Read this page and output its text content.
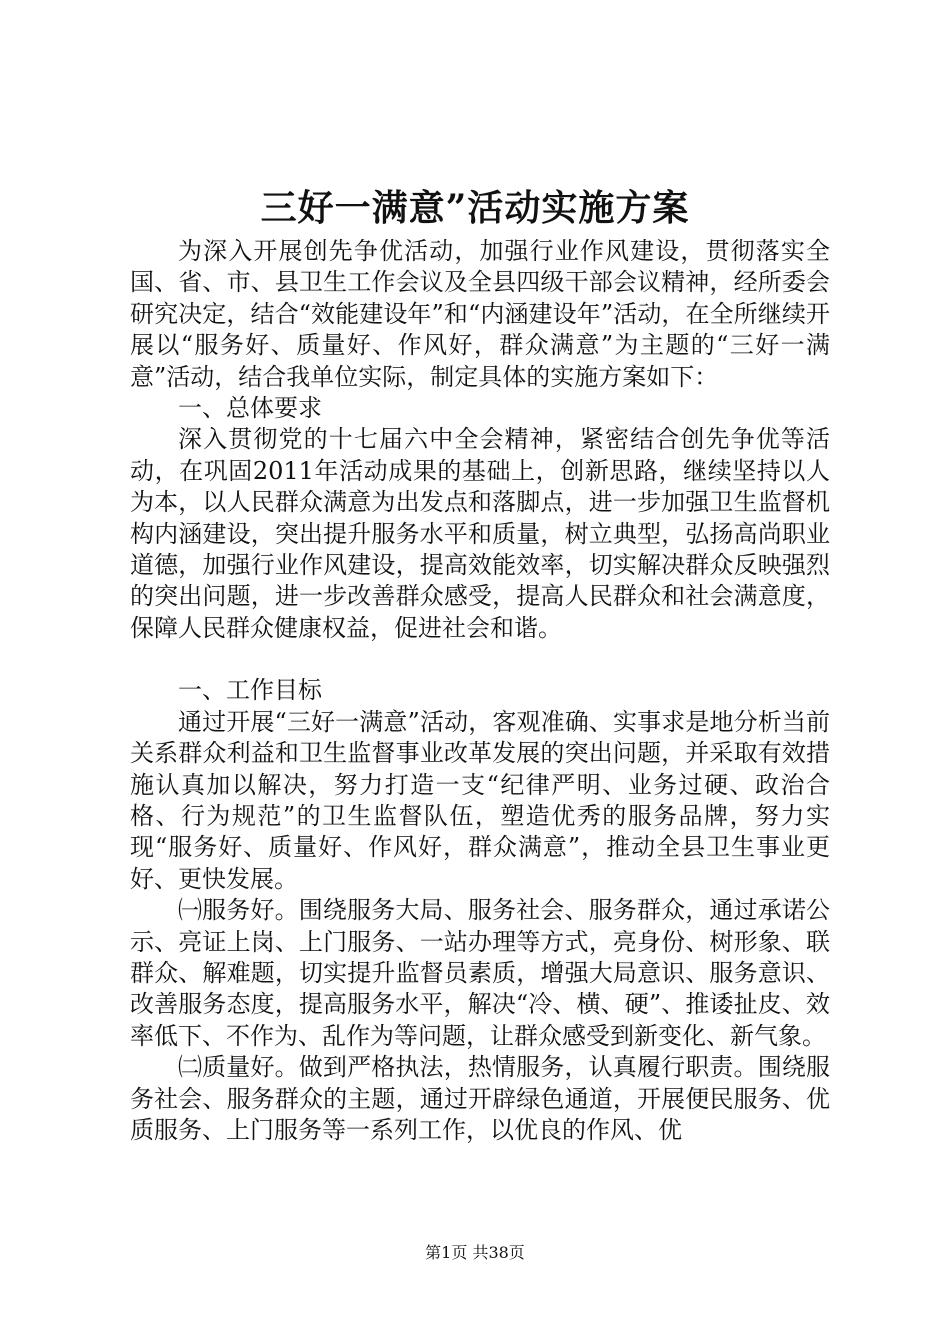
三好一满意”活动实施方案

为深入开展创先争优活动，加强行业作风建设，贯彻落实全国、省、市、县卫生工作会议及全县四级干部会议精神，经所委会研究决定，结合“效能建设年”和“内涵建设年”活动，在全所继续开展以“服务好、质量好、作风好，群众满意”为主题的“三好一满意”活动，结合我单位实际，制定具体的实施方案如下：

一、总体要求

深入贯彻党的十七届六中全会精神，紧密结合创先争优等活动，在巩固2011年活动成果的基础上，创新思路，继续坚持以人为本，以人民群众满意为出发点和落脚点，进一步加强卫生监督机构内涵建设，突出提升服务水平和质量，树立典型，弘扬高尚职业道德，加强行业作风建设，提高效能效率，切实解决群众反映强烈的突出问题，进一步改善群众感受，提高人民群众和社会满意度，保障人民群众健康权益，促进社会和谐。

一、工作目标

通过开展“三好一满意”活动，客观准确、实事求是地分析当前关系群众利益和卫生监督事业改革发展的突出问题，并采取有效措施认真加以解决，努力打造一支“纪律严明、业务过硬、政治合格、行为规范”的卫生监督队伍，塑造优秀的服务品牌，努力实现“服务好、质量好、作风好，群众满意”，推动全县卫生事业更好、更快发展。

㈠服务好。围绕服务大局、服务社会、服务群众，通过承诺公示、亮证上岗、上门服务、一站办理等方式，亮身份、树形象、联群众、解难题，切实提升监督员素质，增强大局意识、服务意识、改善服务态度，提高服务水平，解决“冷、横、硬”、推诿扯皮、效率低下、不作为、乱作为等问题，让群众感受到新变化、新气象。

㈡质量好。做到严格执法，热情服务，认真履行职责。围绕服务社会、服务群众的主题，通过开辟绿色通道，开展便民服务、优质服务、上门服务等一系列工作，以优良的作风、优

第1页 共38页
